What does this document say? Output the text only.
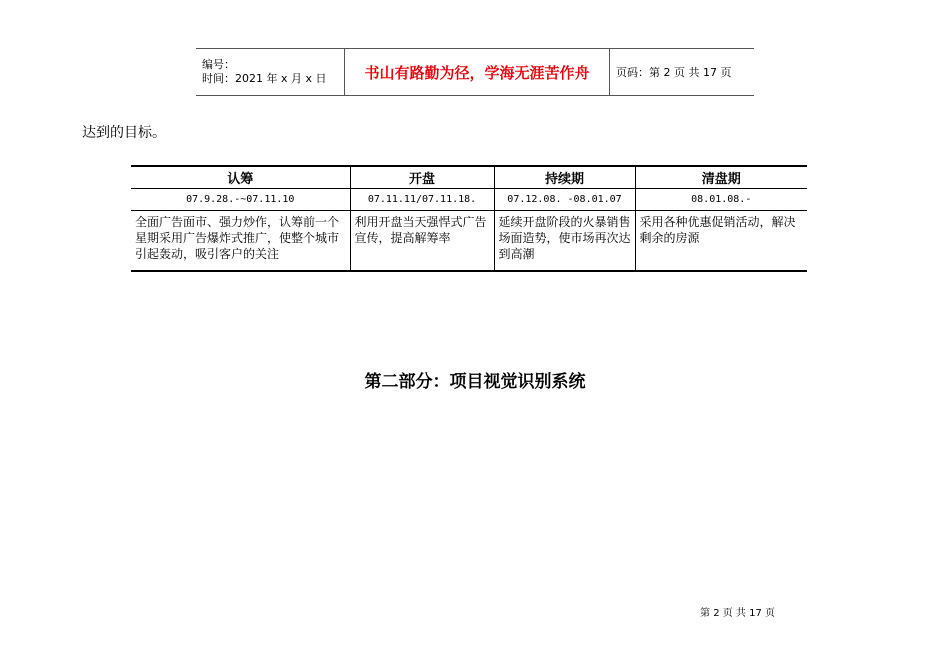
编号：
时间：2021 年 x 月 x 日	书山有路勤为径，学海无涯苦作舟	页码：第 2 页 共 17 页
达到的目标。
认筹	开盘	持续期	清盘期
07.9.28.-~07.11.10	07.11.11/07.11.18.	07.12.08. -08.01.07	08.01.08.-
全面广告面市、强力炒作，认筹前一个星期采用广告爆炸式推广，使整个城市引起轰动，吸引客户的关注	利用开盘当天强悍式广告宣传，提高解筹率	延续开盘阶段的火暴销售场面造势，使市场再次达到高潮	采用各种优惠促销活动，解决剩余的房源
第二部分：项目视觉识别系统
第 2 页 共 17 页
